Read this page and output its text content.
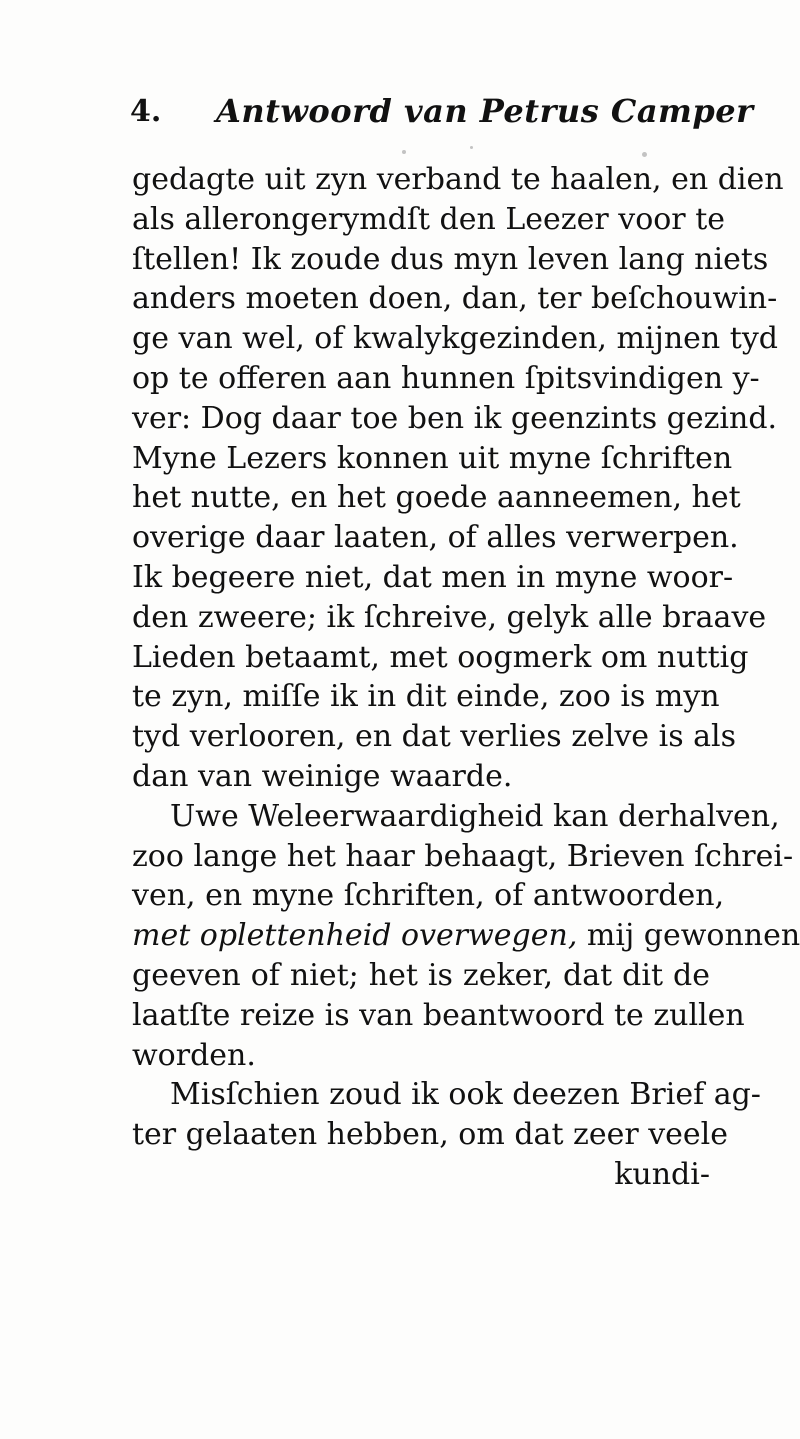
4. Antwoord van Petrus Camper
gedagte uit zyn verband te haalen, en dien
als allerongerymdſt den Leezer voor te
ſtellen! Ik zoude dus myn leven lang niets
anders moeten doen, dan, ter beſchouwin-
ge van wel, of kwalykgezinden, mijnen tyd
op te offeren aan hunnen ſpitsvindigen y-
ver: Dog daar toe ben ik geenzints gezind.
Myne Lezers konnen uit myne ſchriften
het nutte, en het goede aanneemen, het
overige daar laaten, of alles verwerpen.
Ik begeere niet, dat men in myne woor-
den zweere; ik ſchreive, gelyk alle braave
Lieden betaamt, met oogmerk om nuttig
te zyn, miſſe ik in dit einde, zoo is myn
tyd verlooren, en dat verlies zelve is als
dan van weinige waarde.
Uwe Weleerwaardigheid kan derhalven,
zoo lange het haar behaagt, Brieven ſchrei-
ven, en myne ſchriften, of antwoorden,
met oplettenheid overwegen, mij gewonnen
geeven of niet; het is zeker, dat dit de
laatſte reize is van beantwoord te zullen
worden.
Misſchien zoud ik ook deezen Brief ag-
ter gelaaten hebben, om dat zeer veele
kundi-
